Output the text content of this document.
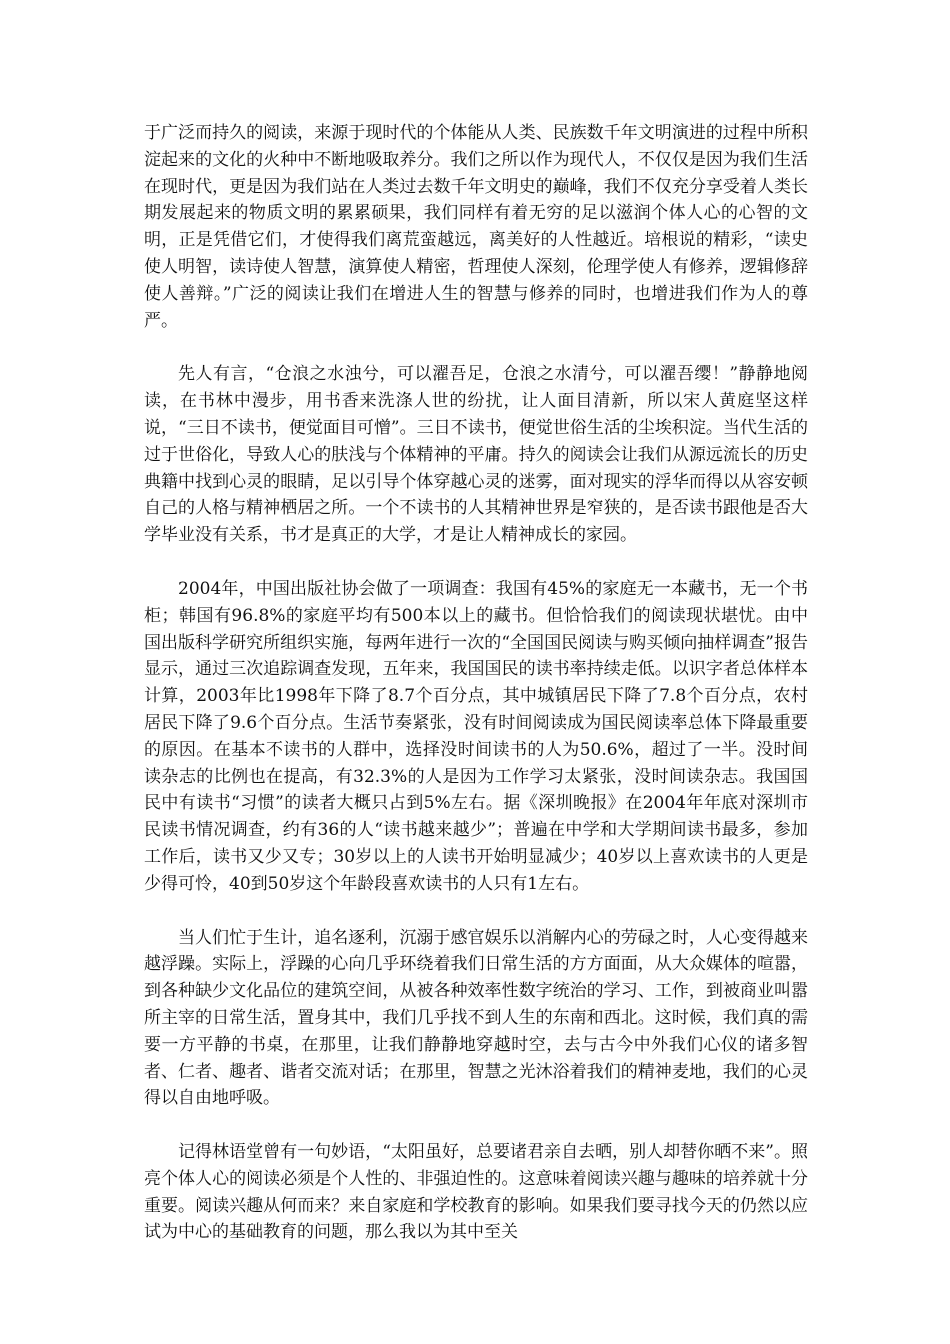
于广泛而持久的阅读，来源于现时代的个体能从人类、民族数千年文明演进的过程中所积淀起来的文化的火种中不断地吸取养分。我们之所以作为现代人，不仅仅是因为我们生活在现时代，更是因为我们站在人类过去数千年文明史的巅峰，我们不仅充分享受着人类长期发展起来的物质文明的累累硕果，我们同样有着无穷的足以滋润个体人心的心智的文明，正是凭借它们，才使得我们离荒蛮越远，离美好的人性越近。培根说的精彩，“读史使人明智，读诗使人智慧，演算使人精密，哲理使人深刻，伦理学使人有修养，逻辑修辞使人善辩。”广泛的阅读让我们在增进人生的智慧与修养的同时，也增进我们作为人的尊严。

先人有言，“仓浪之水浊兮，可以濯吾足，仓浪之水清兮，可以濯吾缨！”静静地阅读，在书林中漫步，用书香来洗涤人世的纷扰，让人面目清新，所以宋人黄庭坚这样说，“三日不读书，便觉面目可憎”。三日不读书，便觉世俗生活的尘埃积淀。当代生活的过于世俗化，导致人心的肤浅与个体精神的平庸。持久的阅读会让我们从源远流长的历史典籍中找到心灵的眼睛，足以引导个体穿越心灵的迷雾，面对现实的浮华而得以从容安顿自己的人格与精神栖居之所。一个不读书的人其精神世界是窄狭的，是否读书跟他是否大学毕业没有关系，书才是真正的大学，才是让人精神成长的家园。

2004年，中国出版社协会做了一项调查：我国有45%的家庭无一本藏书，无一个书柜；韩国有96.8%的家庭平均有500本以上的藏书。但恰恰我们的阅读现状堪忧。由中国出版科学研究所组织实施，每两年进行一次的“全国国民阅读与购买倾向抽样调查”报告显示，通过三次追踪调查发现，五年来，我国国民的读书率持续走低。以识字者总体样本计算，2003年比1998年下降了8.7个百分点，其中城镇居民下降了7.8个百分点，农村居民下降了9.6个百分点。生活节奏紧张，没有时间阅读成为国民阅读率总体下降最重要的原因。在基本不读书的人群中，选择没时间读书的人为50.6%，超过了一半。没时间读杂志的比例也在提高，有32.3%的人是因为工作学习太紧张，没时间读杂志。我国国民中有读书“习惯”的读者大概只占到5%左右。据《深圳晚报》在2004年年底对深圳市民读书情况调查，约有36的人“读书越来越少”；普遍在中学和大学期间读书最多，参加工作后，读书又少又专；30岁以上的人读书开始明显减少；40岁以上喜欢读书的人更是少得可怜，40到50岁这个年龄段喜欢读书的人只有1左右。

当人们忙于生计，追名逐利，沉溺于感官娱乐以消解内心的劳碌之时，人心变得越来越浮躁。实际上，浮躁的心向几乎环绕着我们日常生活的方方面面，从大众媒体的喧嚣，到各种缺少文化品位的建筑空间，从被各种效率性数字统治的学习、工作，到被商业叫嚣所主宰的日常生活，置身其中，我们几乎找不到人生的东南和西北。这时候，我们真的需要一方平静的书桌，在那里，让我们静静地穿越时空，去与古今中外我们心仪的诸多智者、仁者、趣者、谐者交流对话；在那里，智慧之光沐浴着我们的精神麦地，我们的心灵得以自由地呼吸。

记得林语堂曾有一句妙语，“太阳虽好，总要诸君亲自去晒，别人却替你晒不来”。照亮个体人心的阅读必须是个人性的、非强迫性的。这意味着阅读兴趣与趣味的培养就十分重要。阅读兴趣从何而来？来自家庭和学校教育的影响。如果我们要寻找今天的仍然以应试为中心的基础教育的问题，那么我以为其中至关
